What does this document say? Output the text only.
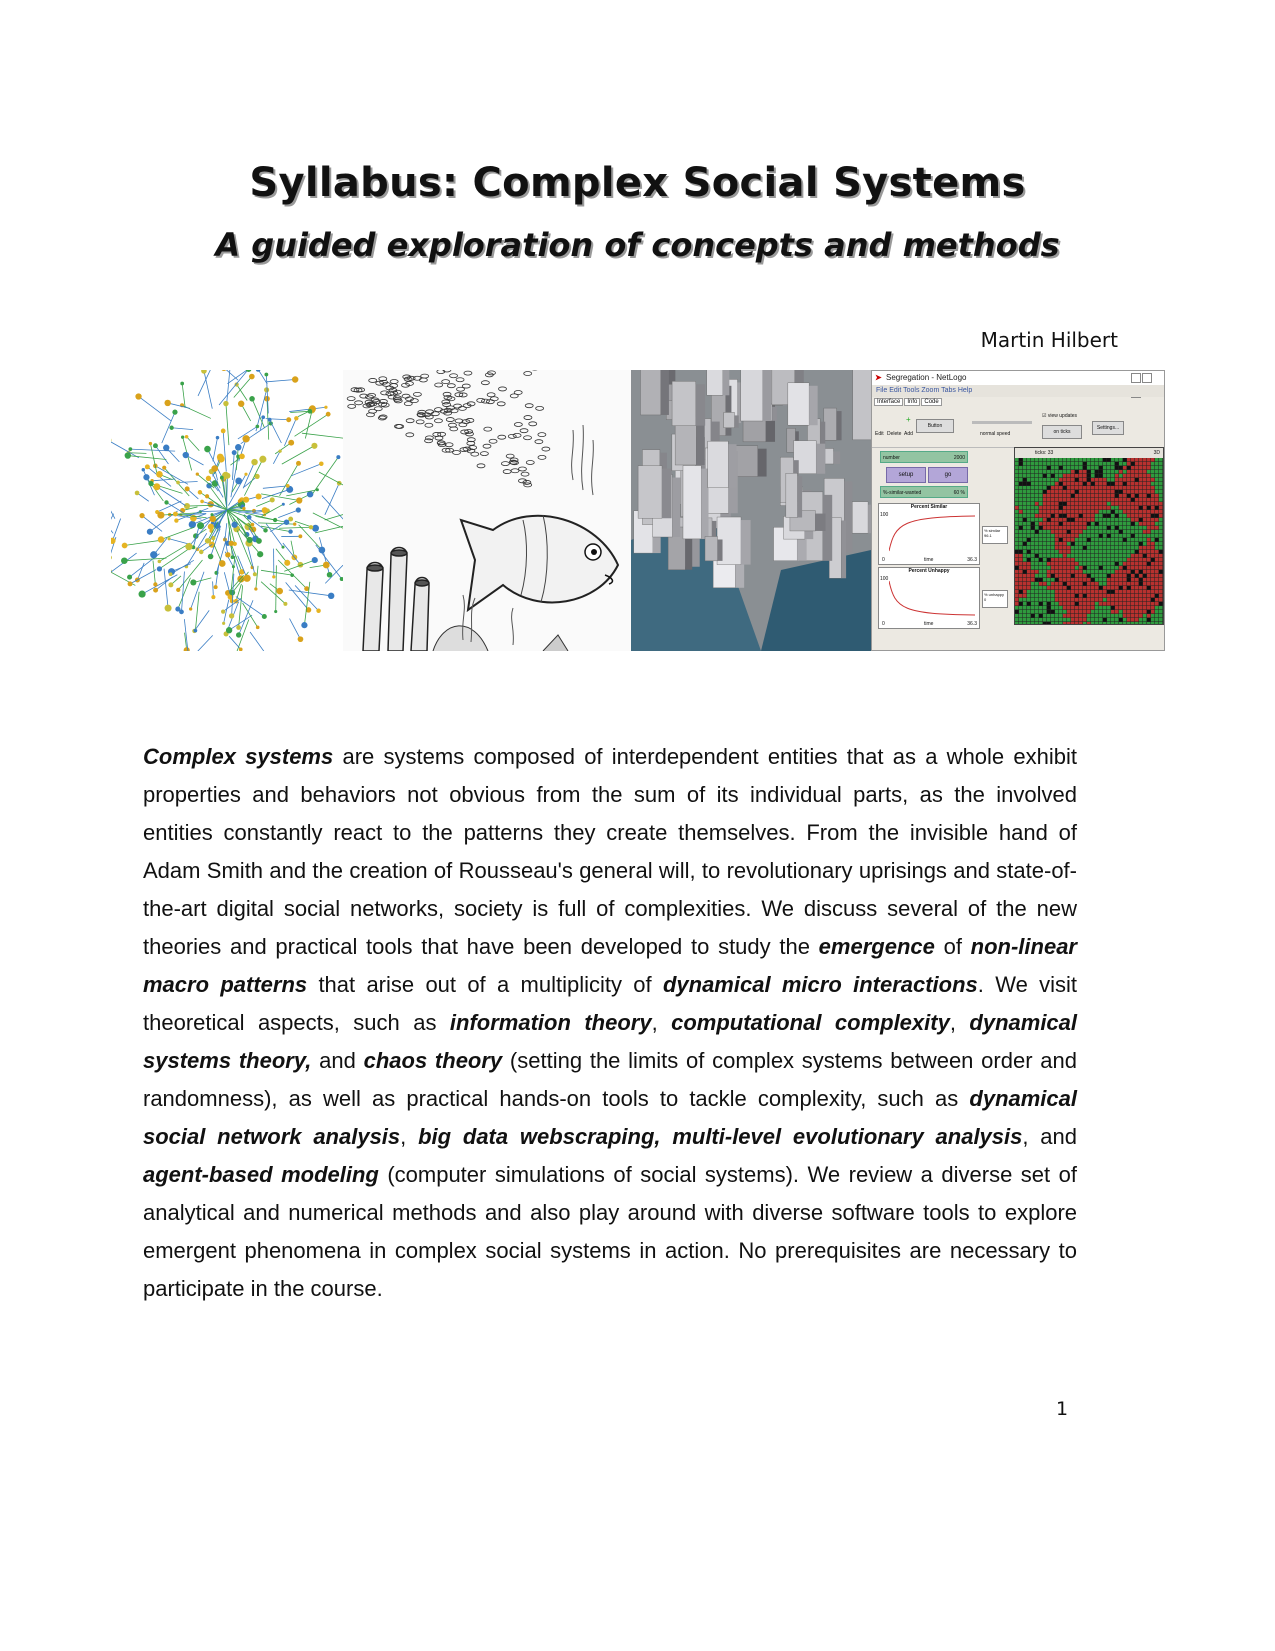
Syllabus: Complex Social Systems
A guided exploration of concepts and methods
Martin Hilbert
➤ Segregation - NetLogo
File Edit Tools Zoom Tabs Help
Interface Info Code
Edit Delete Add
+
Button
normal speed
☑ view updates
on ticks
Settings...
number	2000
setup	go
%-similar-wanted	60 %
Percent Similar
100
0	time	36.3
% similar
96.1
Percent Unhappy
100
0	time	36.3
% unhappy
0
ticks: 33	3D

Complex systems are systems composed of interdependent entities that as a whole exhibit properties and behaviors not obvious from the sum of its individual parts, as the involved entities constantly react to the patterns they create themselves. From the invisible hand of Adam Smith and the creation of Rousseau's general will, to revolutionary uprisings and state-of-the-art digital social networks, society is full of complexities. We discuss several of the new theories and practical tools that have been developed to study the emergence of non-linear macro patterns that arise out of a multiplicity of dynamical micro interactions. We visit theoretical aspects, such as information theory, computational complexity, dynamical systems theory, and chaos theory (setting the limits of complex systems between order and randomness), as well as practical hands-on tools to tackle complexity, such as dynamical social network analysis, big data webscraping, multi-level evolutionary analysis, and agent-based modeling (computer simulations of social systems). We review a diverse set of analytical and numerical methods and also play around with diverse software tools to explore emergent phenomena in complex social systems in action. No prerequisites are necessary to participate in the course.

1
